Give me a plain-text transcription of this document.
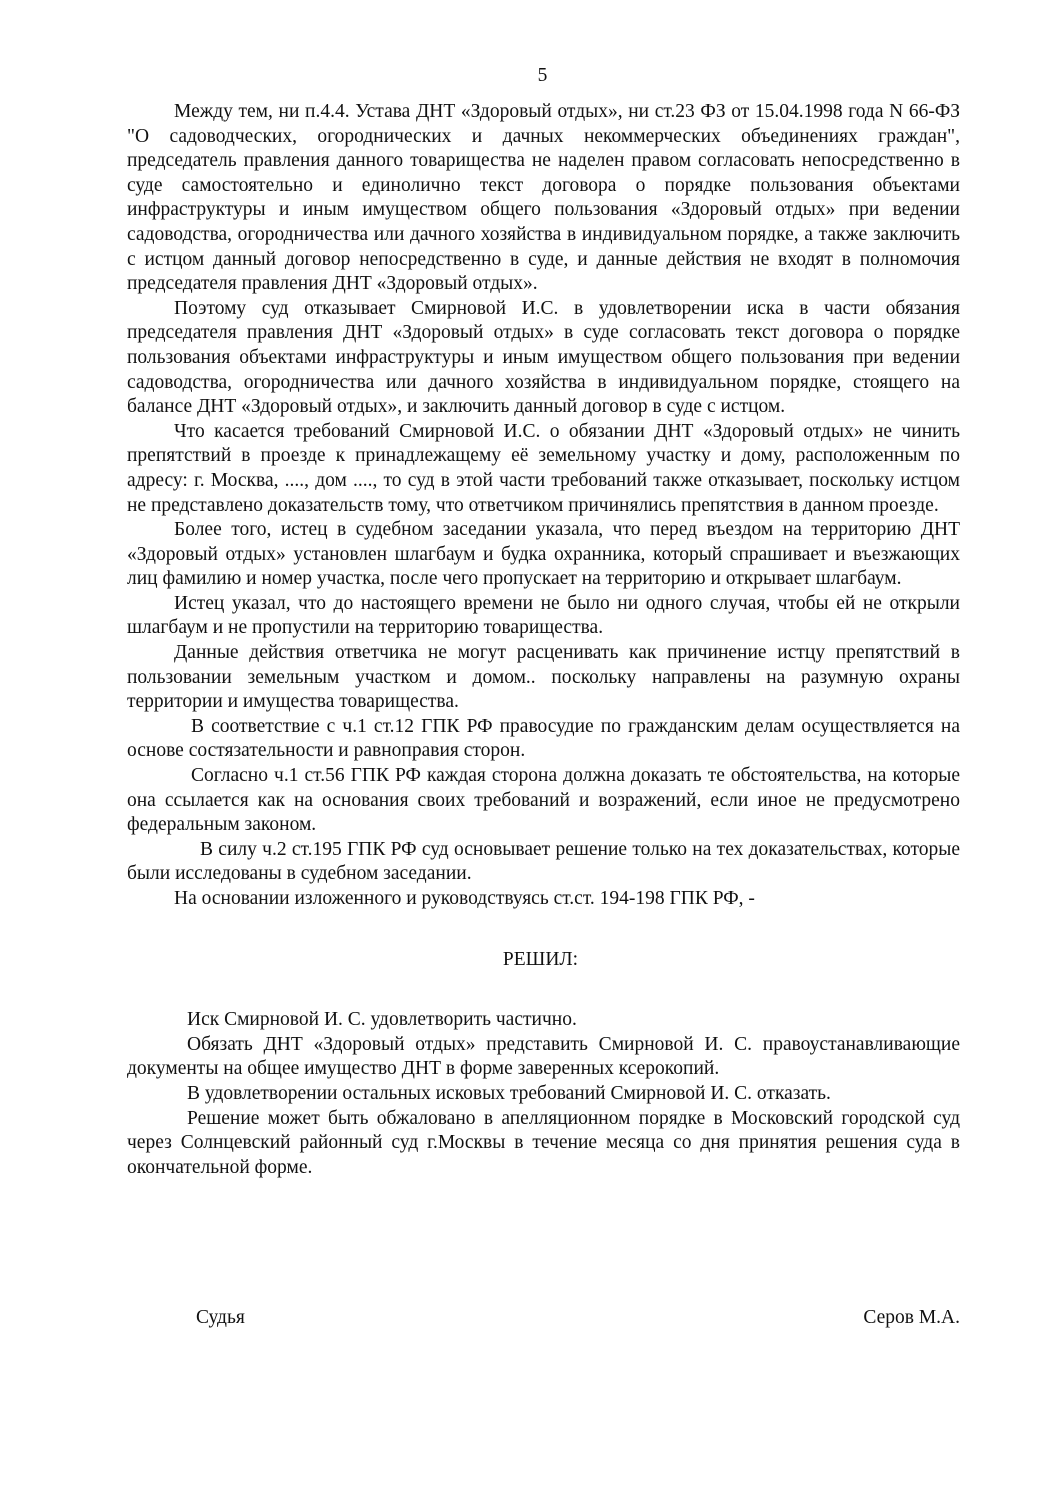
5

Между тем, ни п.4.4. Устава ДНТ «Здоровый отдых», ни ст.23 ФЗ от 15.04.1998 года N 66-ФЗ "О садоводческих, огороднических и дачных некоммерческих объединениях граждан", председатель правления данного товарищества не наделен правом согласовать непосредственно в суде самостоятельно и единолично текст договора о порядке пользования объектами инфраструктуры и иным имуществом общего пользования «Здоровый отдых» при ведении садоводства, огородничества или дачного хозяйства в индивидуальном порядке, а также заключить с истцом данный договор непосредственно в суде, и данные действия не входят в полномочия председателя правления ДНТ «Здоровый отдых».

Поэтому суд отказывает Смирновой И.С. в удовлетворении иска в части обязания председателя правления ДНТ «Здоровый отдых» в суде согласовать текст договора о порядке пользования объектами инфраструктуры и иным имуществом общего пользования при ведении садоводства, огородничества или дачного хозяйства в индивидуальном порядке, стоящего на балансе ДНТ «Здоровый отдых», и заключить данный договор в суде с истцом.

Что касается требований Смирновой И.С. о обязании ДНТ «Здоровый отдых» не чинить препятствий в проезде к принадлежащему её земельному участку и дому, расположенным по адресу: г. Москва, ...., дом ...., то суд в этой части требований также отказывает, поскольку истцом не представлено доказательств тому, что ответчиком причинялись препятствия в данном проезде.

Более того, истец в судебном заседании указала, что перед въездом на территорию ДНТ «Здоровый отдых» установлен шлагбаум и будка охранника, который спрашивает и въезжающих лиц фамилию и номер участка, после чего пропускает на территорию и открывает шлагбаум.

Истец указал, что до настоящего времени не было ни одного случая, чтобы ей не открыли шлагбаум и не пропустили на территорию товарищества.

Данные действия ответчика не могут расценивать как причинение истцу препятствий в пользовании земельным участком и домом.. поскольку направлены на разумную охраны территории и имущества товарищества.

В соответствие с ч.1 ст.12 ГПК РФ правосудие по гражданским делам осуществляется на основе состязательности и равноправия сторон.

Согласно ч.1 ст.56 ГПК РФ каждая сторона должна доказать те обстоятельства, на которые она ссылается как на основания своих требований и возражений, если иное не предусмотрено федеральным законом.

В силу ч.2 ст.195 ГПК РФ суд основывает решение только на тех доказательствах, которые были исследованы в судебном заседании.

На основании изложенного и руководствуясь ст.ст. 194-198 ГПК РФ, -

РЕШИЛ:

Иск Смирновой И. С. удовлетворить частично.

Обязать ДНТ «Здоровый отдых» представить Смирновой И. С. правоустанавливающие документы на общее имущество ДНТ в форме заверенных ксерокопий.

В удовлетворении остальных исковых требований Смирновой И. С. отказать.

Решение может быть обжаловано в апелляционном порядке в Московский городской суд через Солнцевский районный суд г.Москвы в течение месяца со дня принятия решения суда в окончательной форме.

Судья	Серов М.А.
